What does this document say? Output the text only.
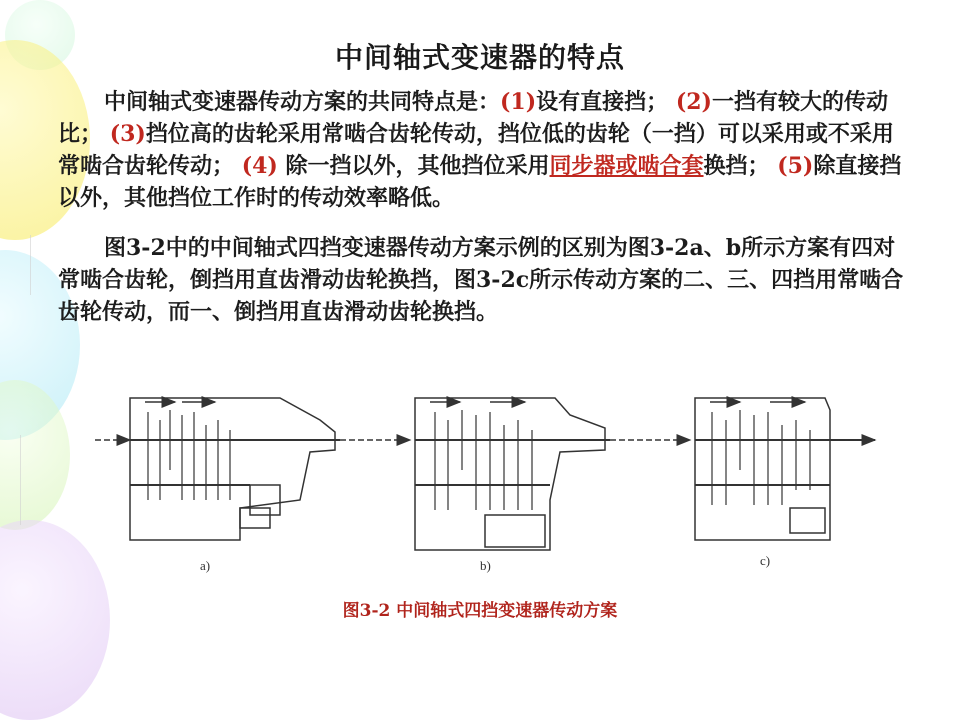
中间轴式变速器的特点
中间轴式变速器传动方案的共同特点是：(1)设有直接挡； (2)一挡有较大的传动比； (3)挡位高的齿轮采用常啮合齿轮传动，挡位低的齿轮（一挡）可以采用或不采用常啮合齿轮传动； (4) 除一挡以外，其他挡位采用同步器或啮合套换挡； (5)除直接挡以外，其他挡位工作时的传动效率略低。
图3-2中的中间轴式四挡变速器传动方案示例的区别为图3-2a、b所示方案有四对常啮合齿轮，倒挡用直齿滑动齿轮换挡，图3-2c所示传动方案的二、三、四挡用常啮合齿轮传动，而一、倒挡用直齿滑动齿轮换挡。
a)	b)	c)
图3-2 中间轴式四挡变速器传动方案
